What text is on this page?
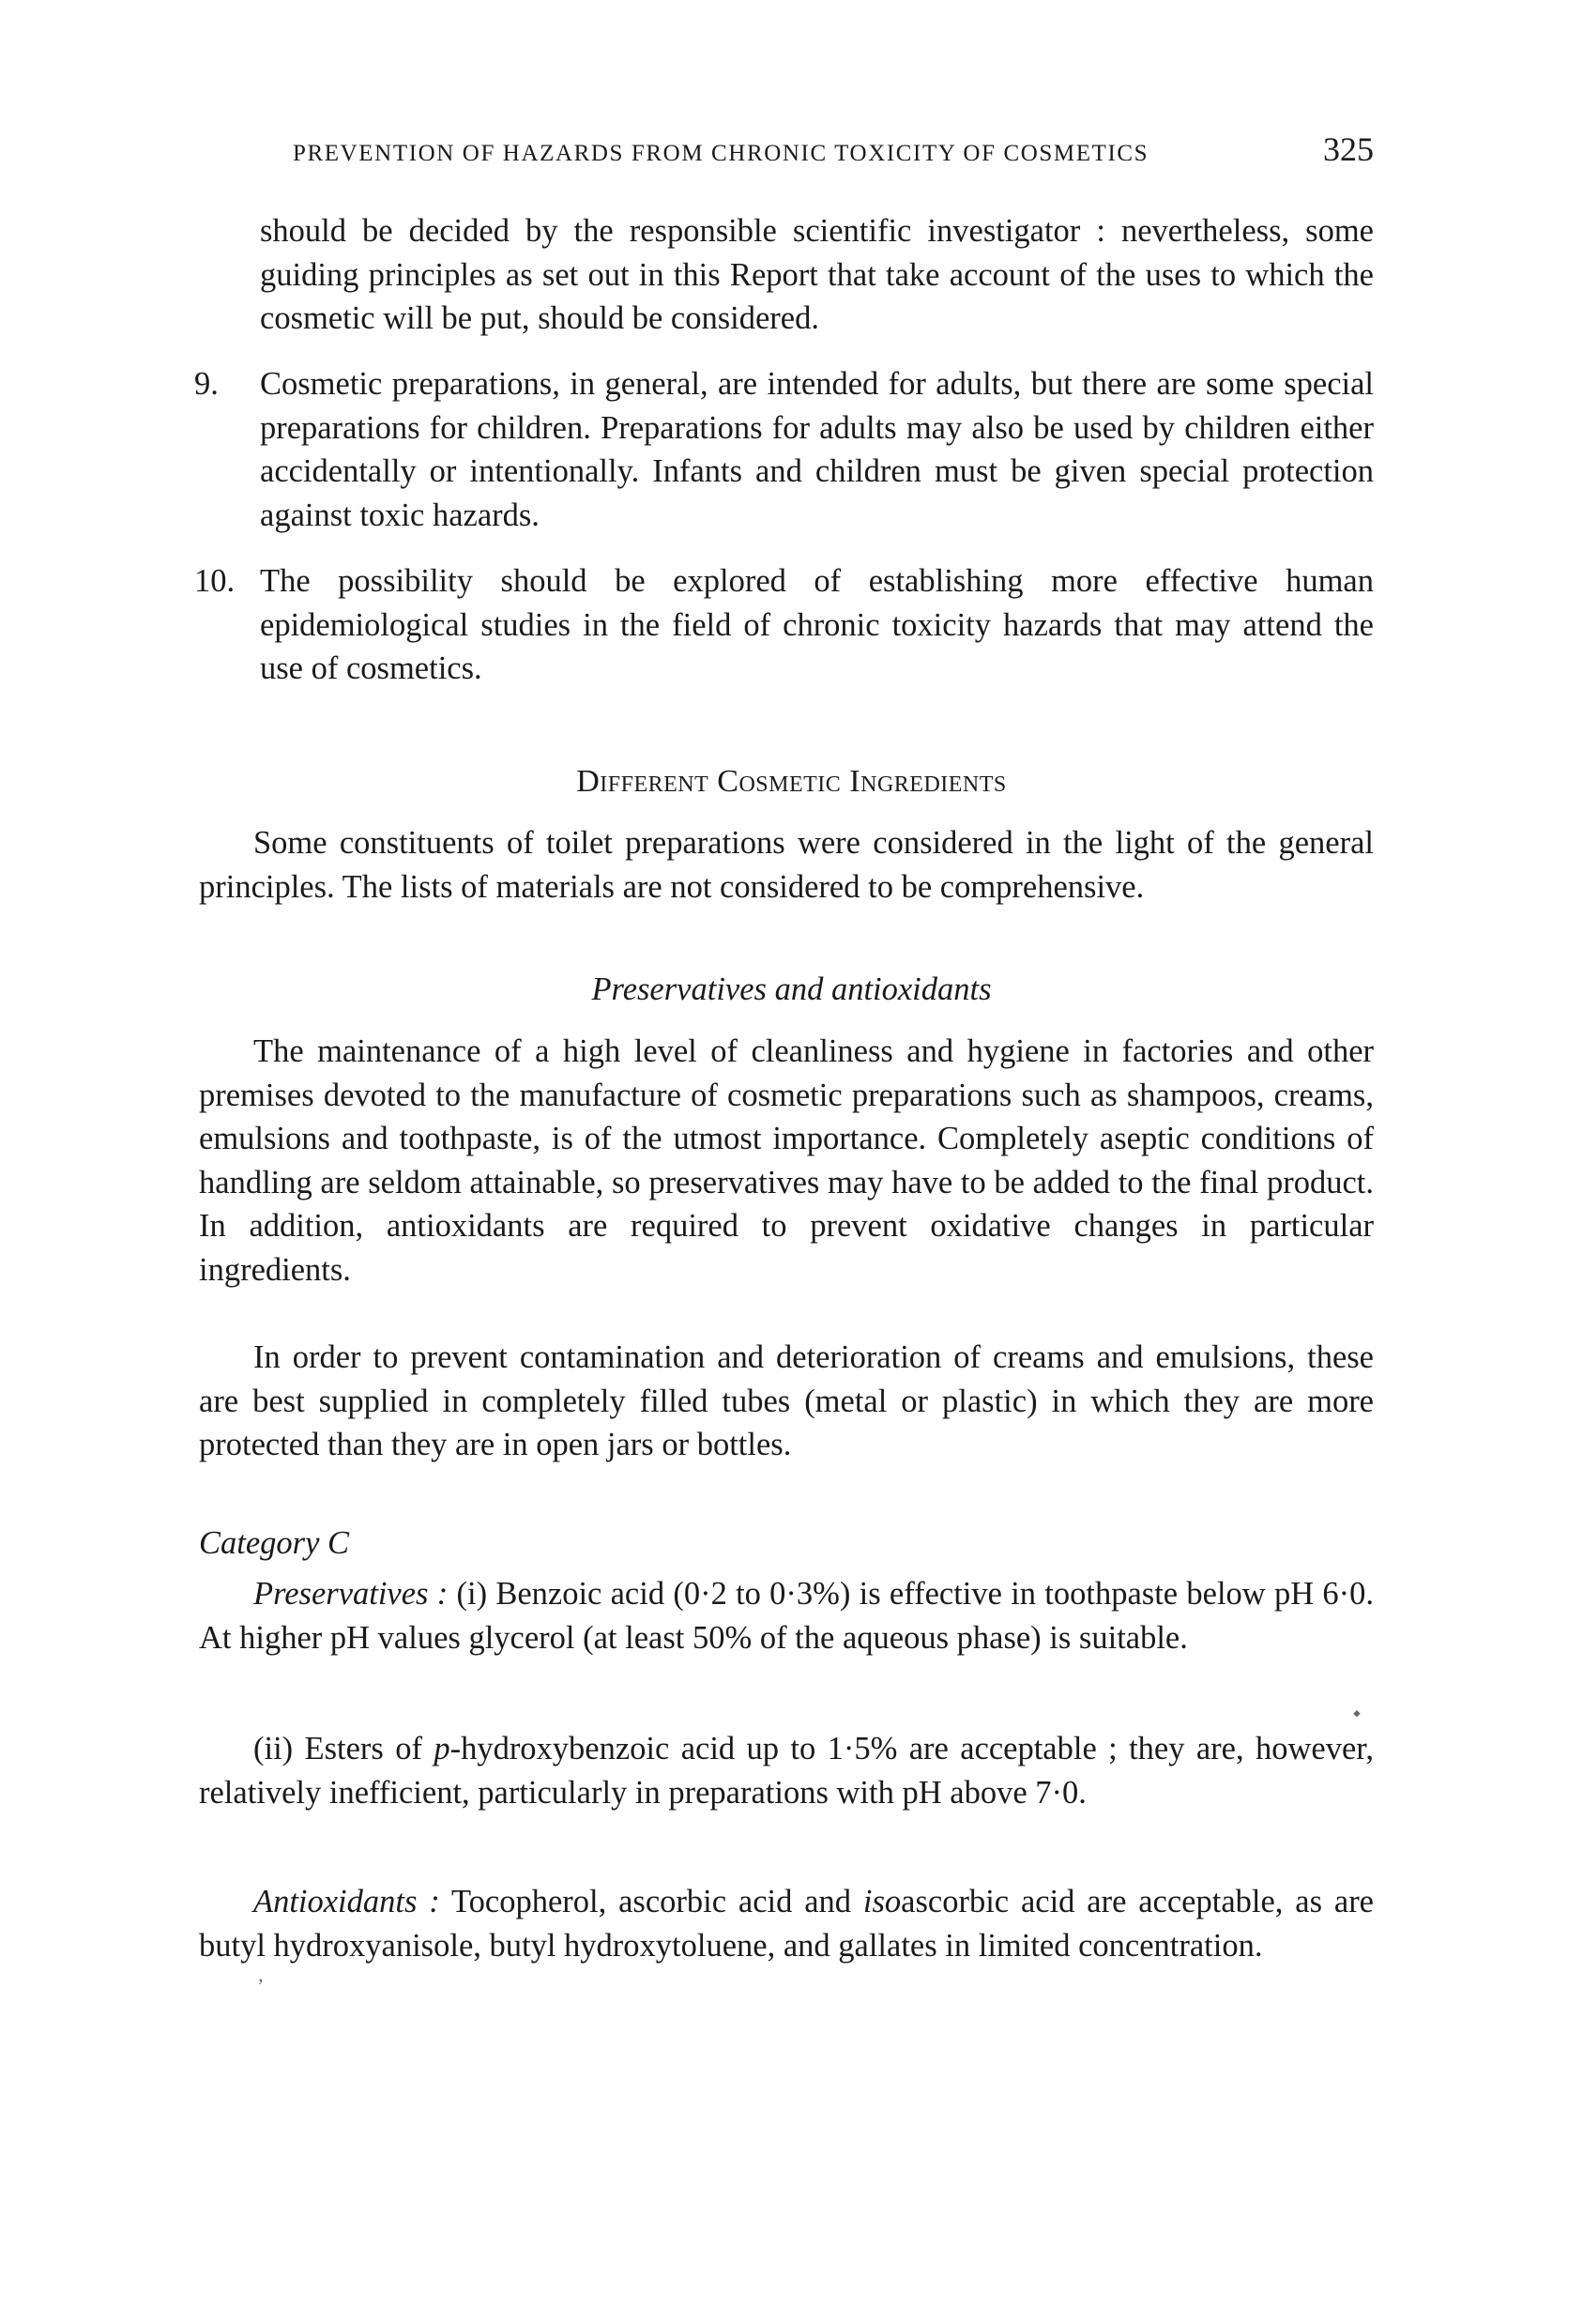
PREVENTION OF HAZARDS FROM CHRONIC TOXICITY OF COSMETICS	325

should be decided by the responsible scientific investigator : nevertheless, some guiding principles as set out in this Report that take account of the uses to which the cosmetic will be put, should be considered.

9.	Cosmetic preparations, in general, are intended for adults, but there are some special preparations for children. Preparations for adults may also be used by children either accidentally or intentionally. Infants and children must be given special protection against toxic hazards.
10. The possibility should be explored of establishing more effective human epidemiological studies in the field of chronic toxicity hazards that may attend the use of cosmetics.
Different Cosmetic Ingredients

Some constituents of toilet preparations were considered in the light of the general principles. The lists of materials are not considered to be comprehensive.

Preservatives and antioxidants

The maintenance of a high level of cleanliness and hygiene in factories and other premises devoted to the manufacture of cosmetic preparations such as shampoos, creams, emulsions and toothpaste, is of the utmost importance. Completely aseptic conditions of handling are seldom attainable, so preservatives may have to be added to the final product. In addition, antioxidants are required to prevent oxidative changes in particular ingredients.

In order to prevent contamination and deterioration of creams and emulsions, these are best supplied in completely filled tubes (metal or plastic) in which they are more protected than they are in open jars or bottles.

Category C

Preservatives : (i) Benzoic acid (0·2 to 0·3%) is effective in toothpaste below pH 6·0. At higher pH values glycerol (at least 50% of the aqueous phase) is suitable.

(ii) Esters of p-hydroxybenzoic acid up to 1·5% are acceptable ; they are, however, relatively inefficient, particularly in preparations with pH above 7·0.

Antioxidants : Tocopherol, ascorbic acid and isoascorbic acid are acceptable, as are butyl hydroxyanisole, butyl hydroxytoluene, and gallates in limited concentration.

⬩
’
